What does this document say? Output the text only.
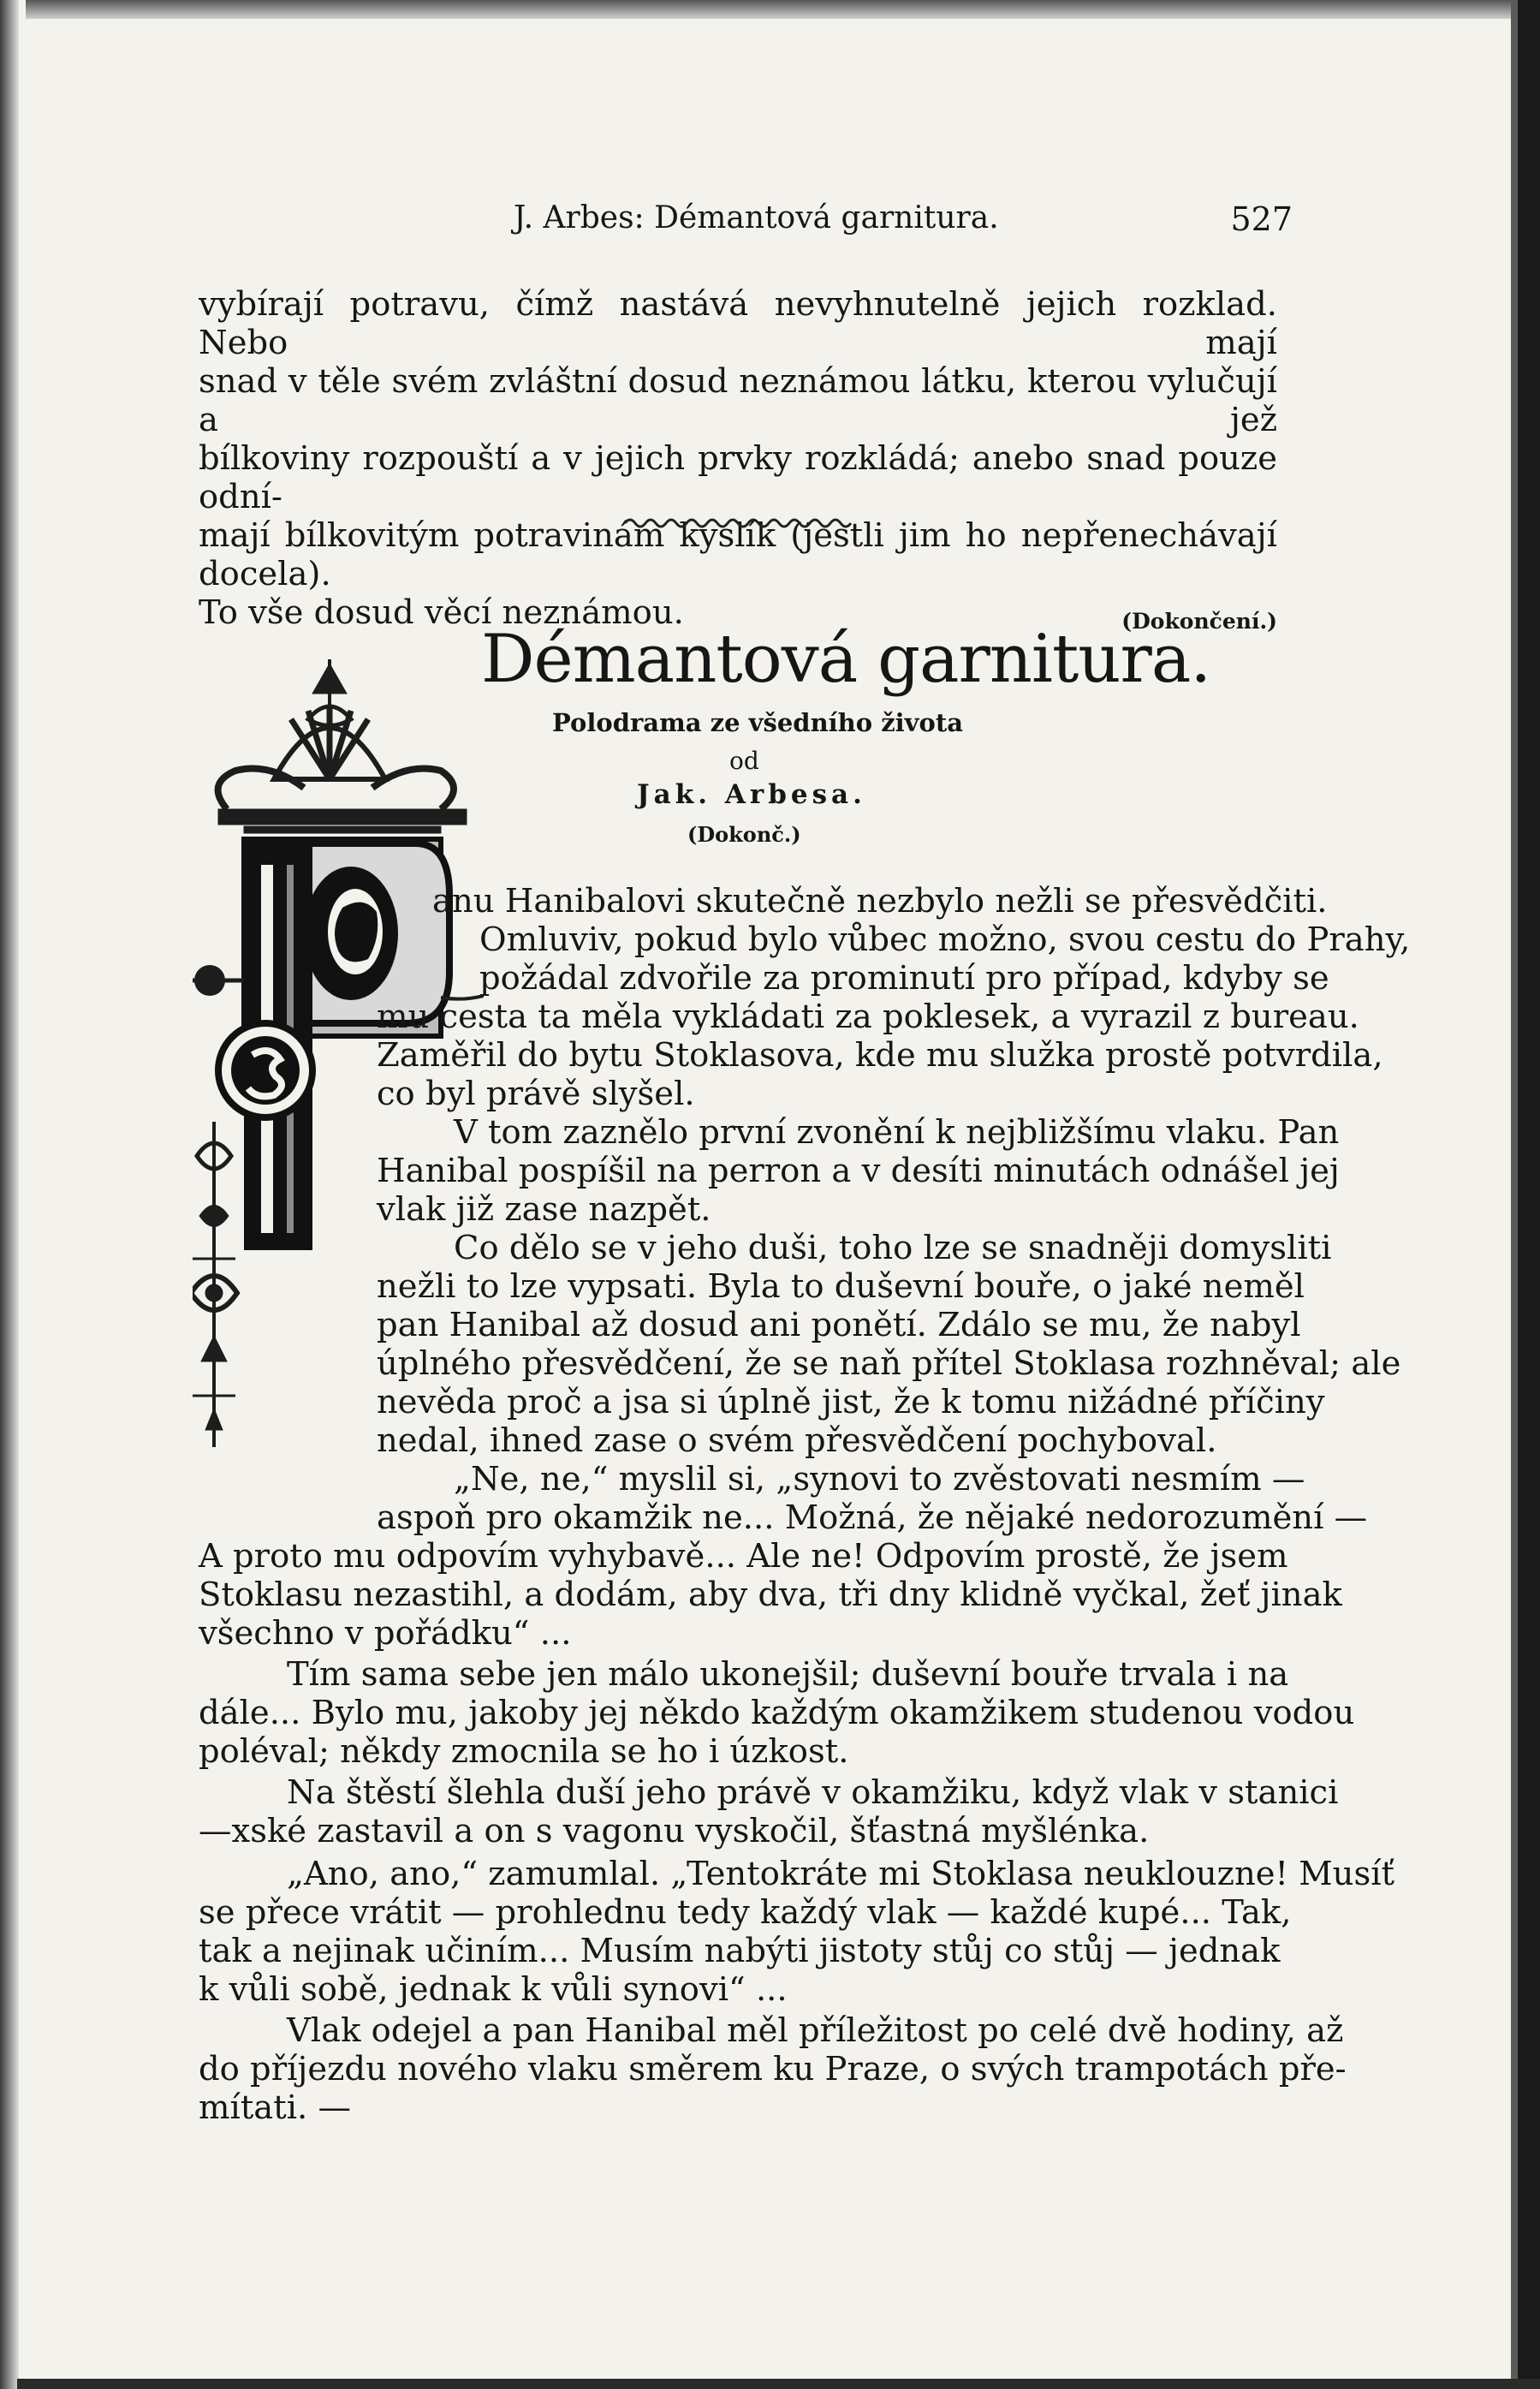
J. Arbes: Démantová garnitura.	527
vybírají potravu, čímž nastává nevyhnutelně jejich rozklad. Nebo mají
snad v těle svém zvláštní dosud neznámou látku, kterou vylučují a jež
bílkoviny rozpouští a v jejich prvky rozkládá; anebo snad pouze odní-
mají bílkovitým potravinám kyslík (jestli jim ho nepřenechávají docela).
To vše dosud věcí neznámou.	(Dokončení.)
Démantová garnitura.
Polodrama ze všedního života
od
Jak. Arbesa.
(Dokonč.)
anu Hanibalovi skutečně nezbylo nežli se přesvědčiti.
Omluviv, pokud bylo vůbec možno, svou cestu do Prahy,
požádal zdvořile za prominutí pro případ, kdyby se
mu cesta ta měla vykládati za poklesek, a vyrazil z bureau.
Zaměřil do bytu Stoklasova, kde mu služka prostě potvrdila,
co byl právě slyšel.
V tom zaznělo první zvonění k nejbližšímu vlaku. Pan
Hanibal pospíšil na perron a v desíti minutách odnášel jej
vlak již zase nazpět.
Co dělo se v jeho duši, toho lze se snadněji domysliti
nežli to lze vypsati. Byla to duševní bouře, o jaké neměl
pan Hanibal až dosud ani ponětí. Zdálo se mu, že nabyl
úplného přesvědčení, že se naň přítel Stoklasa rozhněval; ale
nevěda proč a jsa si úplně jist, že k tomu nižádné příčiny
nedal, ihned zase o svém přesvědčení pochyboval.
„Ne, ne,“ myslil si, „synovi to zvěstovati nesmím —
aspoň pro okamžik ne... Možná, že nějaké nedorozumění —
A proto mu odpovím vyhybavě... Ale ne! Odpovím prostě, že jsem
Stoklasu nezastihl, a dodám, aby dva, tři dny klidně vyčkal, žeť jinak
všechno v pořádku“ ...
Tím sama sebe jen málo ukonejšil; duševní bouře trvala i na
dále... Bylo mu, jakoby jej někdo každým okamžikem studenou vodou
poléval; někdy zmocnila se ho i úzkost.
Na štěstí šlehla duší jeho právě v okamžiku, když vlak v stanici
—xské zastavil a on s vagonu vyskočil, šťastná myšlénka.
„Ano, ano,“ zamumlal. „Tentokráte mi Stoklasa neuklouzne! Musíť
se přece vrátit — prohlednu tedy každý vlak — každé kupé... Tak,
tak a nejinak učiním... Musím nabýti jistoty stůj co stůj — jednak
k vůli sobě, jednak k vůli synovi“ ...
Vlak odejel a pan Hanibal měl příležitost po celé dvě hodiny, až
do příjezdu nového vlaku směrem ku Praze, o svých trampotách pře-
mítati. —
